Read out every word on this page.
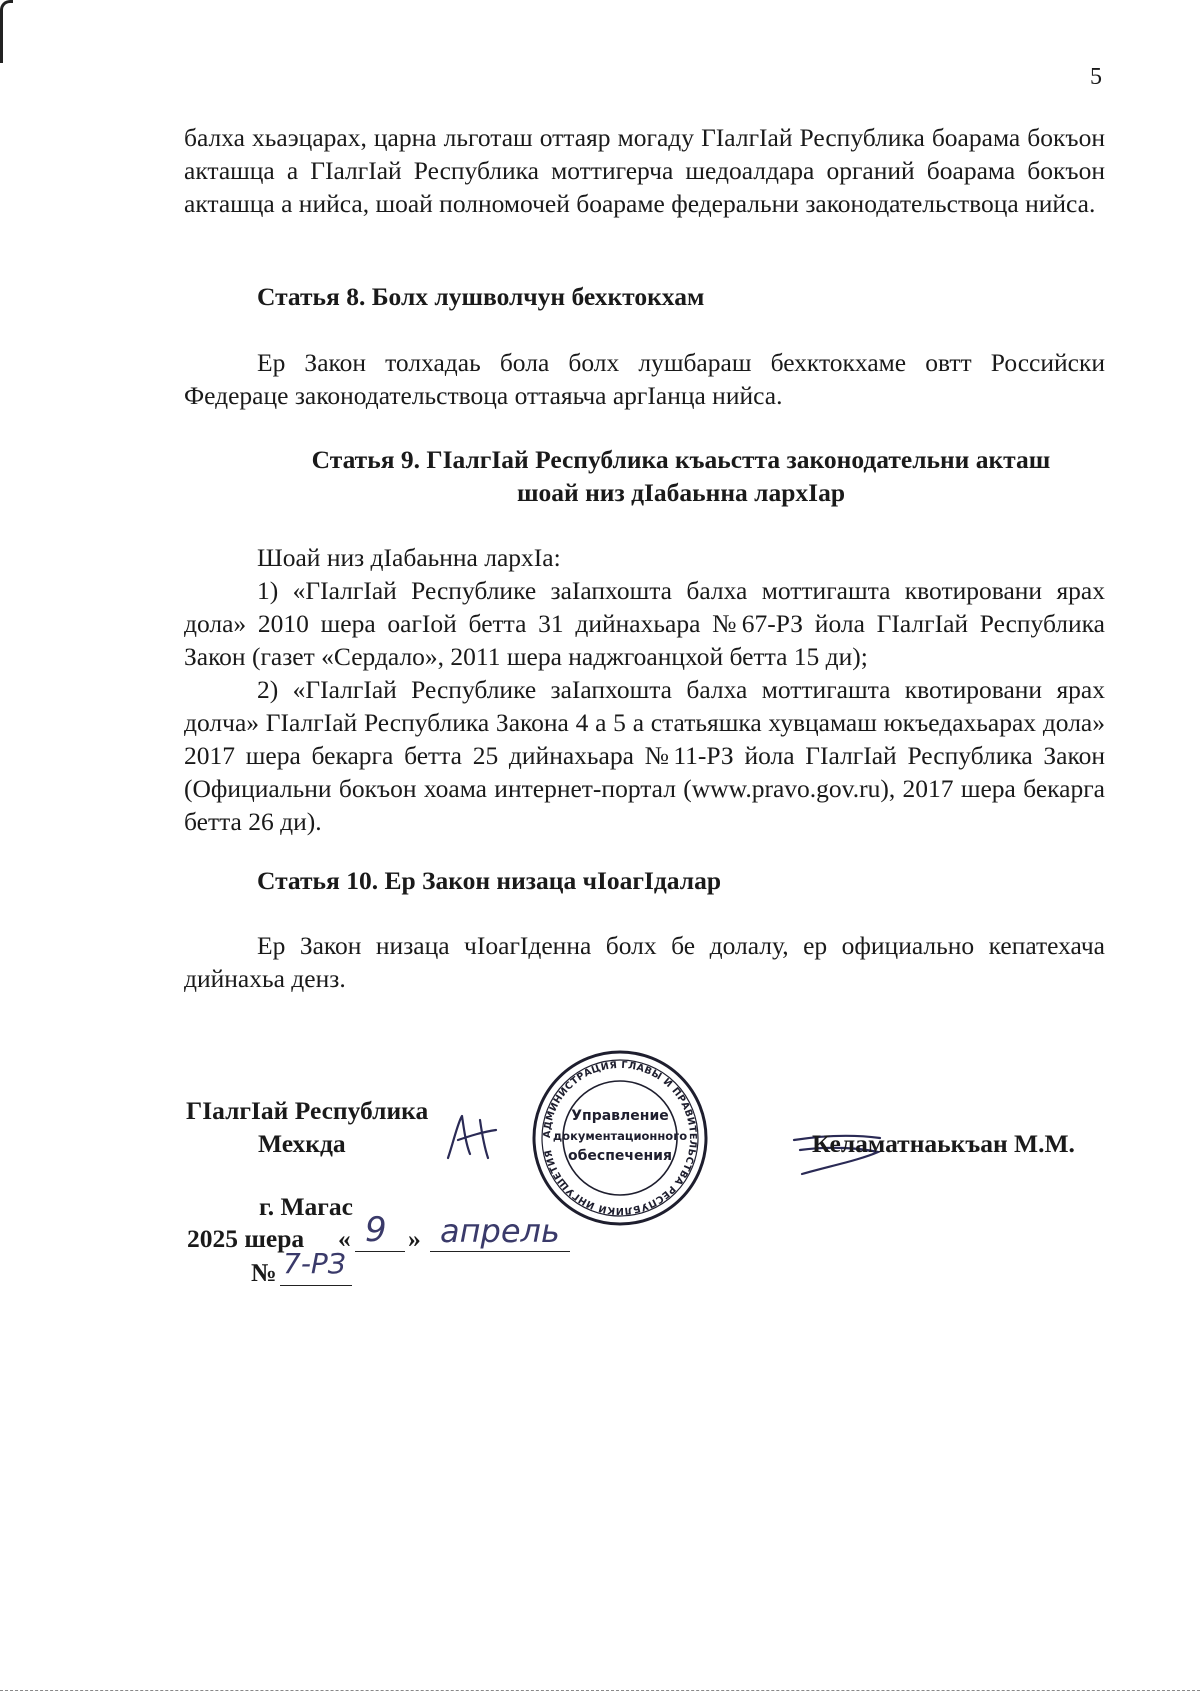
5

балха хьаэцарах, царна льготаш оттаяр могаду ГӀалгӀай Республика боарама бокъон акташца а ГӀалгӀай Республика моттигерча шедоалдара органий боарама бокъон акташца а нийса, шоай полномочей боараме федеральни законодательствоца нийса.

Статья 8. Болх лушволчун бехктокхам

Ер Закон толхадаь бола болх лушбараш бехктокхаме овтт Российски Федераце законодательствоца оттаяьча аргӀанца нийса.

Статья 9. ГӀалгӀай Республика къаьстта законодательни акташ
шоай низ дӀабаьнна лархӀар

Шоай низ дӀабаьнна лархӀа:

1) «ГӀалгӀай Республике заӀапхошта балха моттигашта квотировани ярах дола» 2010 шера оагӀой бетта 31 дийнахьара №67-РЗ йола ГӀалгӀай Республика Закон (газет «Сердало», 2011 шера наджгоанцхой бетта 15 ди);

2) «ГӀалгӀай Республике заӀапхошта балха моттигашта квотировани ярах долча» ГӀалгӀай Республика Закона 4 а 5 а статьяшка хувцамаш юкъедахьарах дола» 2017 шера бекарга бетта 25 дийнахьара №11-РЗ йола ГӀалгӀай Республика Закон (Официальни бокъон хоама интернет-портал (www.pravo.gov.ru), 2017 шера бекарга бетта 26 ди).

Статья 10. Ер Закон низаца чӀоагӀдалар

Ер Закон низаца чӀоагӀденна болх бе долалу, ер официально кепатехача дийнахьа денз.

ГӀалгӀай Республика
Мехкда	АДМИНИСТРАЦИЯ ГЛАВЫ И ПРАВИТЕЛЬСТВА РЕСПУБЛИКИ ИНГУШЕТИЯ
Управление
документационного
обеспечения	Келаматнаькъан М.М.
г. Магас
2025 шера « 9 » апрель
№ 7-РЗ
